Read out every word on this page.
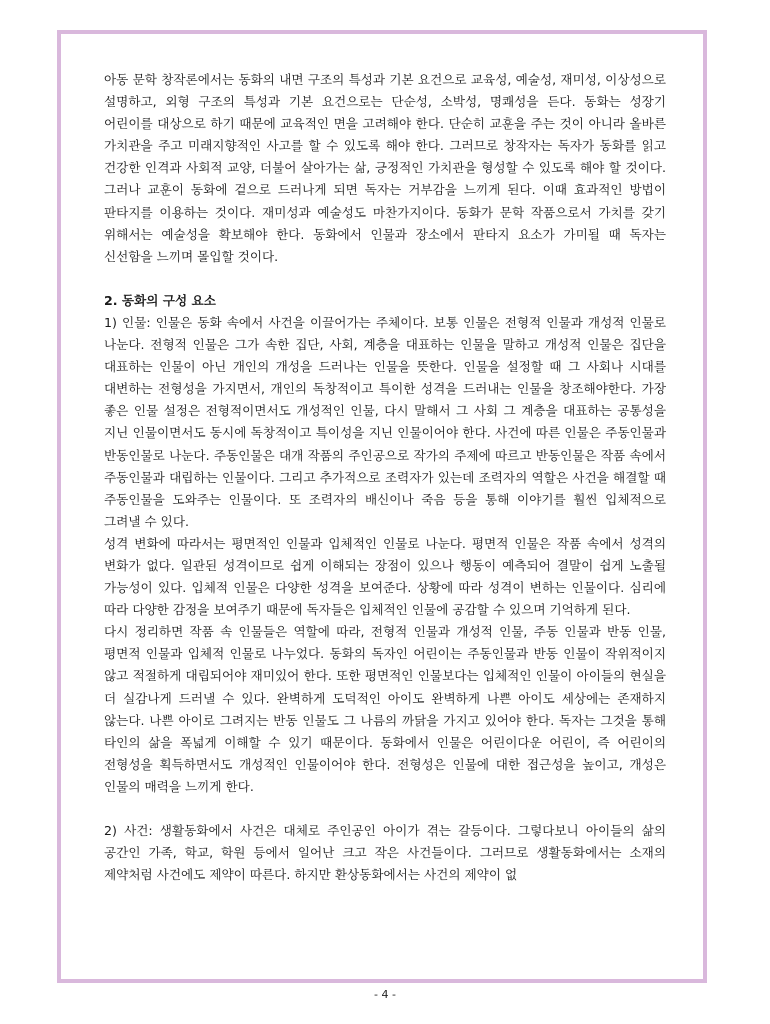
아동 문학 창작론에서는 동화의 내면 구조의 특성과 기본 요건으로 교육성, 예술성, 재미성, 이상성으로 설명하고, 외형 구조의 특성과 기본 요건으로는 단순성, 소박성, 명쾌성을 든다. 동화는 성장기 어린이를 대상으로 하기 때문에 교육적인 면을 고려해야 한다. 단순히 교훈을 주는 것이 아니라 올바른 가치관을 주고 미래지향적인 사고를 할 수 있도록 해야 한다. 그러므로 창작자는 독자가 동화를 읽고 건강한 인격과 사회적 교양, 더불어 살아가는 삶, 긍정적인 가치관을 형성할 수 있도록 해야 할 것이다. 그러나 교훈이 동화에 겉으로 드러나게 되면 독자는 거부감을 느끼게 된다. 이때 효과적인 방법이 판타지를 이용하는 것이다. 재미성과 예술성도 마찬가지이다. 동화가 문학 작품으로서 가치를 갖기 위해서는 예술성을 확보해야 한다. 동화에서 인물과 장소에서 판타지 요소가 가미될 때 독자는 신선함을 느끼며 몰입할 것이다.

2. 동화의 구성 요소

1) 인물: 인물은 동화 속에서 사건을 이끌어가는 주체이다. 보통 인물은 전형적 인물과 개성적 인물로 나눈다. 전형적 인물은 그가 속한 집단, 사회, 계층을 대표하는 인물을 말하고 개성적 인물은 집단을 대표하는 인물이 아닌 개인의 개성을 드러나는 인물을 뜻한다. 인물을 설정할 때 그 사회나 시대를 대변하는 전형성을 가지면서, 개인의 독창적이고 특이한 성격을 드러내는 인물을 창조해야한다. 가장 좋은 인물 설정은 전형적이면서도 개성적인 인물, 다시 말해서 그 사회 그 계층을 대표하는 공통성을 지닌 인물이면서도 동시에 독창적이고 특이성을 지닌 인물이어야 한다. 사건에 따른 인물은 주동인물과 반동인물로 나눈다. 주동인물은 대개 작품의 주인공으로 작가의 주제에 따르고 반동인물은 작품 속에서 주동인물과 대립하는 인물이다. 그리고 추가적으로 조력자가 있는데 조력자의 역할은 사건을 해결할 때 주동인물을 도와주는 인물이다. 또 조력자의 배신이나 죽음 등을 통해 이야기를 훨씬 입체적으로 그려낼 수 있다.

성격 변화에 따라서는 평면적인 인물과 입체적인 인물로 나눈다. 평면적 인물은 작품 속에서 성격의 변화가 없다. 일관된 성격이므로 쉽게 이해되는 장점이 있으나 행동이 예측되어 결말이 쉽게 노출될 가능성이 있다. 입체적 인물은 다양한 성격을 보여준다. 상황에 따라 성격이 변하는 인물이다. 심리에 따라 다양한 감정을 보여주기 때문에 독자들은 입체적인 인물에 공감할 수 있으며 기억하게 된다.

다시 정리하면 작품 속 인물들은 역할에 따라, 전형적 인물과 개성적 인물, 주동 인물과 반동 인물, 평면적 인물과 입체적 인물로 나누었다. 동화의 독자인 어린이는 주동인물과 반동 인물이 작위적이지 않고 적절하게 대립되어야 재미있어 한다. 또한 평면적인 인물보다는 입체적인 인물이 아이들의 현실을 더 실감나게 드러낼 수 있다. 완벽하게 도덕적인 아이도 완벽하게 나쁜 아이도 세상에는 존재하지 않는다. 나쁜 아이로 그려지는 반동 인물도 그 나름의 까닭을 가지고 있어야 한다. 독자는 그것을 통해 타인의 삶을 폭넓게 이해할 수 있기 때문이다. 동화에서 인물은 어린이다운 어린이, 즉 어린이의 전형성을 획득하면서도 개성적인 인물이어야 한다. 전형성은 인물에 대한 접근성을 높이고, 개성은 인물의 매력을 느끼게 한다.

2) 사건: 생활동화에서 사건은 대체로 주인공인 아이가 겪는 갈등이다. 그렇다보니 아이들의 삶의 공간인 가족, 학교, 학원 등에서 일어난 크고 작은 사건들이다. 그러므로 생활동화에서는 소재의 제약처럼 사건에도 제약이 따른다. 하지만 환상동화에서는 사건의 제약이 없

- 4 -
